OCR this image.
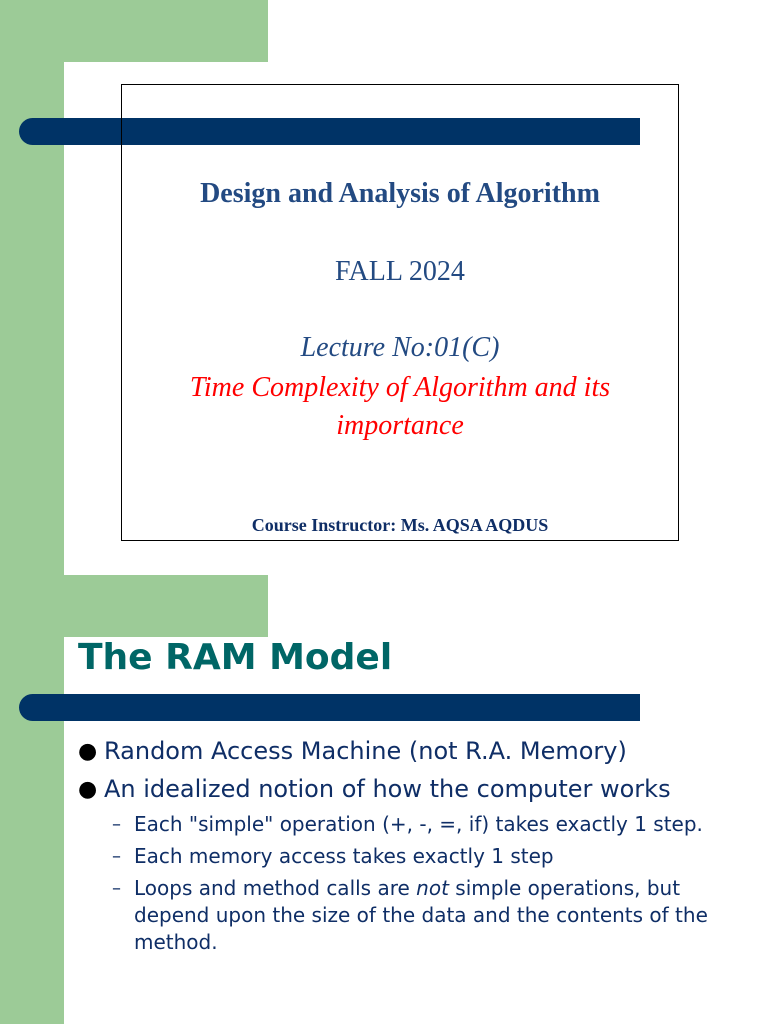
Design and Analysis of Algorithm

FALL 2024

Lecture No:01(C)

Time Complexity of Algorithm and its importance

Course Instructor: Ms. AQSA AQDUS

The RAM Model
● Random Access Machine (not R.A. Memory)
● An idealized notion of how the computer works
– Each "simple" operation (+, -, =, if) takes exactly 1 step.
– Each memory access takes exactly 1 step
– Loops and method calls are not simple operations, but depend upon the size of the data and the contents of the method.
